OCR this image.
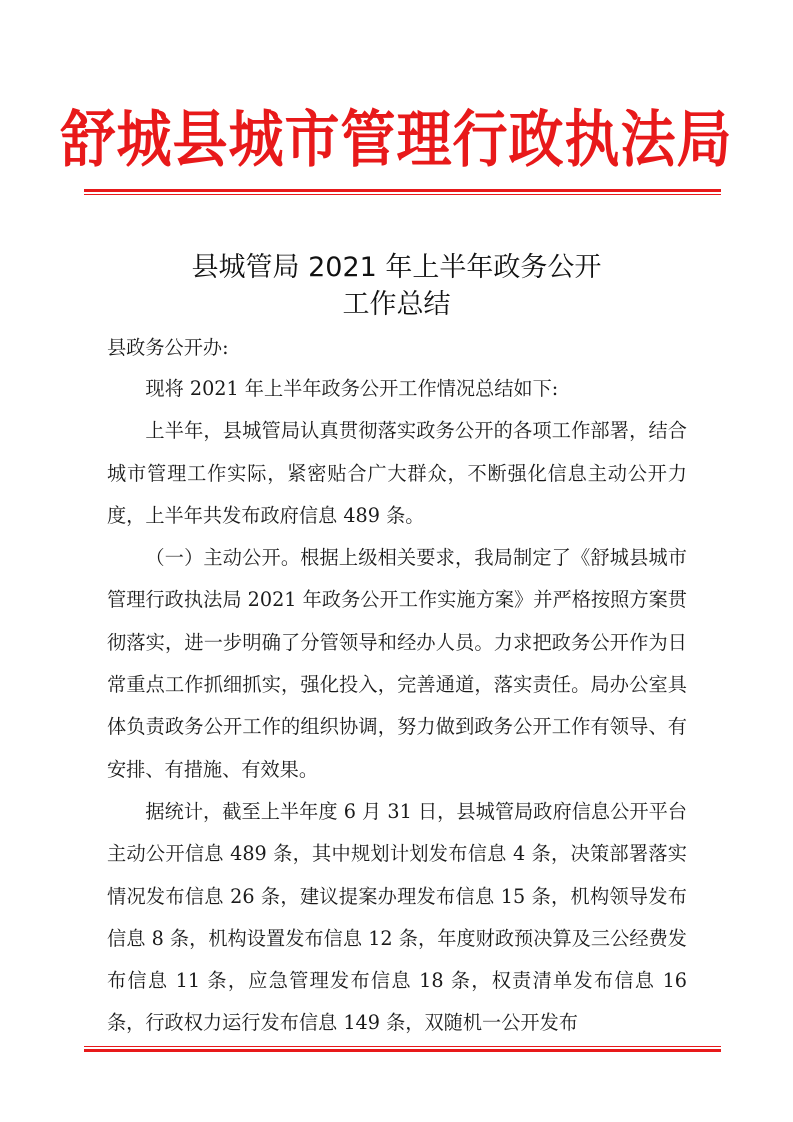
舒城县城市管理行政执法局
县城管局 2021 年上半年政务公开
工作总结
县政务公开办:

现将 2021 年上半年政务公开工作情况总结如下:

上半年，县城管局认真贯彻落实政务公开的各项工作部署，结合城市管理工作实际，紧密贴合广大群众，不断强化信息主动公开力度，上半年共发布政府信息 489 条。

（一）主动公开。根据上级相关要求，我局制定了《舒城县城市管理行政执法局 2021 年政务公开工作实施方案》并严格按照方案贯彻落实，进一步明确了分管领导和经办人员。力求把政务公开作为日常重点工作抓细抓实，强化投入，完善通道，落实责任。局办公室具体负责政务公开工作的组织协调，努力做到政务公开工作有领导、有安排、有措施、有效果。

据统计，截至上半年度 6 月 31 日，县城管局政府信息公开平台主动公开信息 489 条，其中规划计划发布信息 4 条，决策部署落实情况发布信息 26 条，建议提案办理发布信息 15 条，机构领导发布信息 8 条，机构设置发布信息 12 条，年度财政预决算及三公经费发布信息 11 条，应急管理发布信息 18 条，权责清单发布信息 16 条，行政权力运行发布信息 149 条，双随机一公开发布
